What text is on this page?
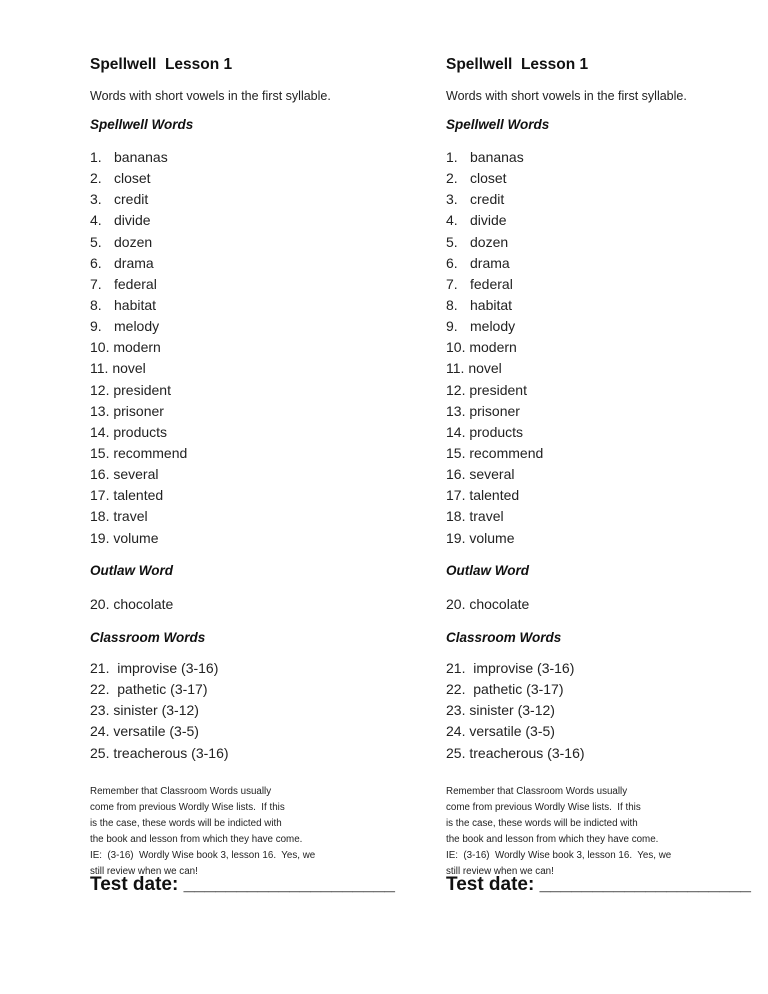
Spellwell  Lesson 1
Words with short vowels in the first syllable.
Spellwell Words
1. bananas
2. closet
3. credit
4. divide
5. dozen
6. drama
7. federal
8. habitat
9. melody
10. modern
11. novel
12. president
13. prisoner
14. products
15. recommend
16. several
17. talented
18. travel
19. volume
Outlaw Word
20. chocolate
Classroom Words
21.  improvise (3-16)
22.  pathetic (3-17)
23. sinister (3-12)
24. versatile (3-5)
25. treacherous (3-16)
Remember that Classroom Words usually
come from previous Wordly Wise lists.  If this
is the case, these words will be indicted with
the book and lesson from which they have come.
IE:  (3-16)  Wordly Wise book 3, lesson 16.  Yes, we
still review when we can!
Test date: ____________________
Spellwell  Lesson 1
Words with short vowels in the first syllable.
Spellwell Words
1. bananas
2. closet
3. credit
4. divide
5. dozen
6. drama
7. federal
8. habitat
9. melody
10. modern
11. novel
12. president
13. prisoner
14. products
15. recommend
16. several
17. talented
18. travel
19. volume
Outlaw Word
20. chocolate
Classroom Words
21.  improvise (3-16)
22.  pathetic (3-17)
23. sinister (3-12)
24. versatile (3-5)
25. treacherous (3-16)
Remember that Classroom Words usually
come from previous Wordly Wise lists.  If this
is the case, these words will be indicted with
the book and lesson from which they have come.
IE:  (3-16)  Wordly Wise book 3, lesson 16.  Yes, we
still review when we can!
Test date: ____________________
